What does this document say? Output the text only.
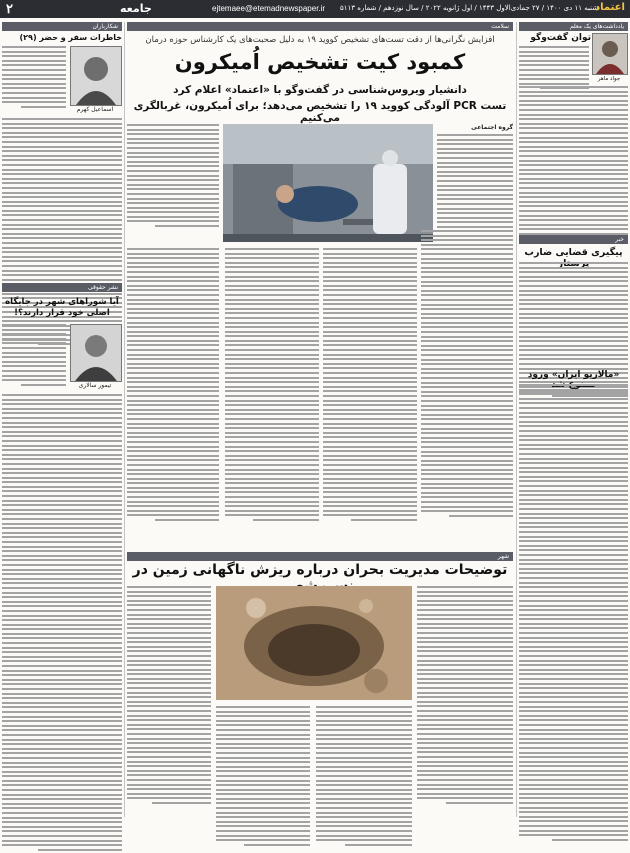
۲	جامعه	ejtemaee@etemadnewspaper.ir شنبه ۱۱ دی ۱۴۰۰ / ۲۷ جمادی‌الاول ۱۴۴۳ / اول ژانویه ۲۰۲۲ / سال نوزدهم / شماره ۵۱۱۳
اعتماد
شکارباران
خاطرات سفر و حضر (۲۹)
اسماعیل کهرم
نشر حقوقی
آیا شوراهای شهر در جایگاه اصلی خود قرار دارند؟!
تیمور سالاری
سلامت
افزایش نگرانی‌ها از دقت تست‌های تشخیص کووید ۱۹ به دلیل صحبت‌های یک کارشناس حوزه درمان
کمبود کیت تشخیص اُمیکرون
دانشیار ویروس‌شناسی در گفت‌وگو با «اعتماد» اعلام کرد
تست PCR آلودگی کووید ۱۹ را تشخیص می‌دهد؛ برای اُمیکرون، غربالگری می‌کنیم
گروه اجتماعی
شهر
توضیحات مدیریت بحران درباره ریزش ناگهانی زمین در
یادداشت‌های یک معلم
توان گفت‌وگو
جواد ماهر
خبر
پیگیری قضایی ضارب
«مالاریو ایران» ورود
